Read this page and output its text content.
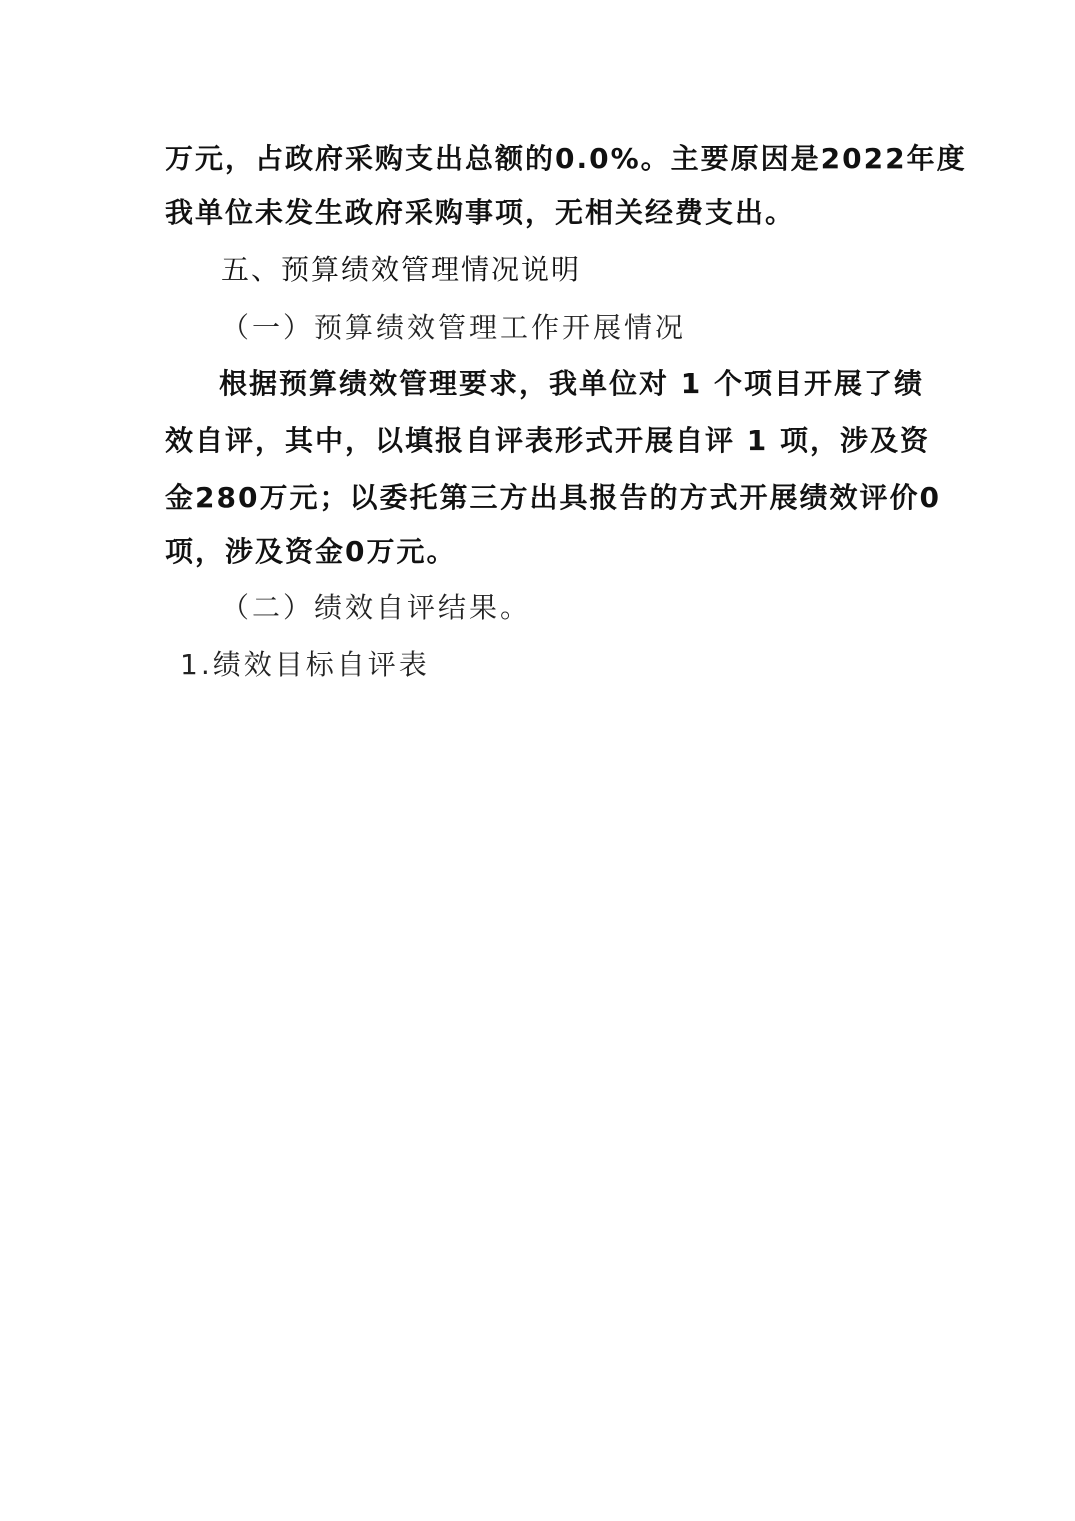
万元，占政府采购支出总额的0.0%。主要原因是2022年度
我单位未发生政府采购事项，无相关经费支出。
五、预算绩效管理情况说明
（一）预算绩效管理工作开展情况
根据预算绩效管理要求，我单位对 1 个项目开展了绩
效自评，其中，以填报自评表形式开展自评 1 项，涉及资
金280万元；以委托第三方出具报告的方式开展绩效评价0
项，涉及资金0万元。
（二）绩效自评结果。
1.绩效目标自评表
